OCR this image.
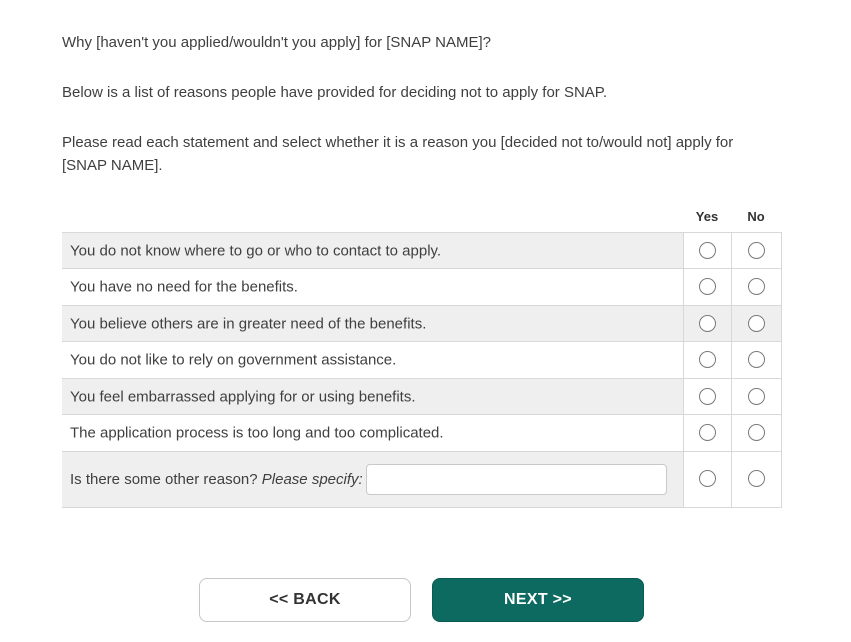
Why [haven't you applied/wouldn't you apply] for [SNAP NAME]?

Below is a list of reasons people have provided for deciding not to apply for SNAP.

Please read each statement and select whether it is a reason you [decided not to/would not] apply for [SNAP NAME].

	Yes	No
You do not know where to go or who to contact to apply.		
You have no need for the benefits.		
You believe others are in greater need of the benefits.		
You do not like to rely on government assistance.		
You feel embarrassed applying for or using benefits.		
The application process is too long and too complicated.		
Is there some other reason? Please specify:		
<< BACK	NEXT >>
